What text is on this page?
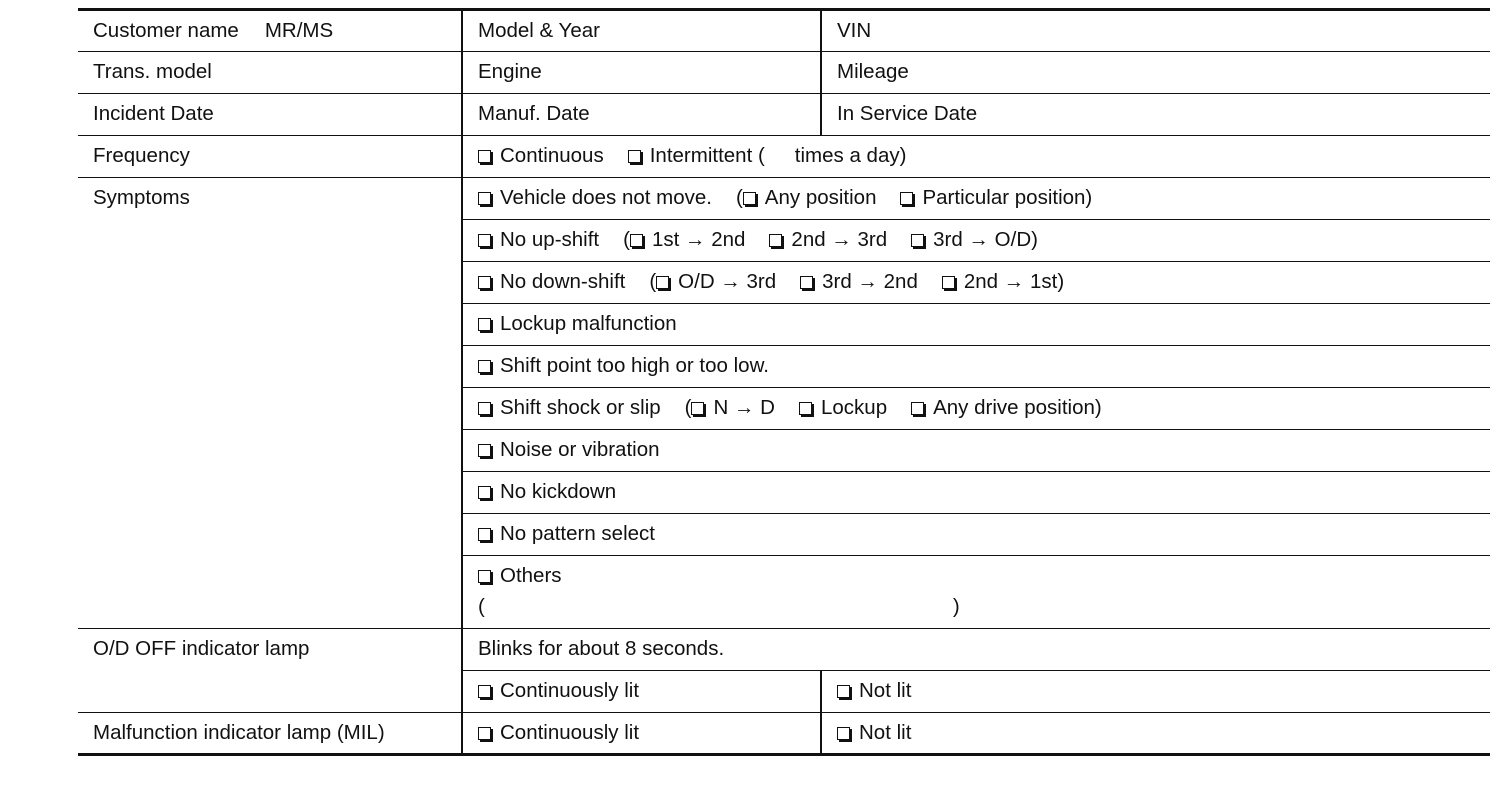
Customer name MR/MS	Model & Year	VIN
Trans. model	Engine	Mileage
Incident Date	Manuf. Date	In Service Date
Frequency	Continuous Intermittent ( times a day)	
Symptoms	Vehicle does not move. ( Any position Particular position)	
	No up-shift ( 1st → 2nd 2nd → 3rd 3rd → O/D)	
	No down-shift ( O/D → 3rd 3rd → 2nd 2nd → 1st)	
	Lockup malfunction	
	Shift point too high or too low.	
	Shift shock or slip ( N → D Lockup Any drive position)	
	Noise or vibration	
	No kickdown	
	No pattern select	
	Others
( )	

O/D OFF indicator lamp	Blinks for about 8 seconds.	
	Continuously lit	Not lit
Malfunction indicator lamp (MIL)	Continuously lit	Not lit
